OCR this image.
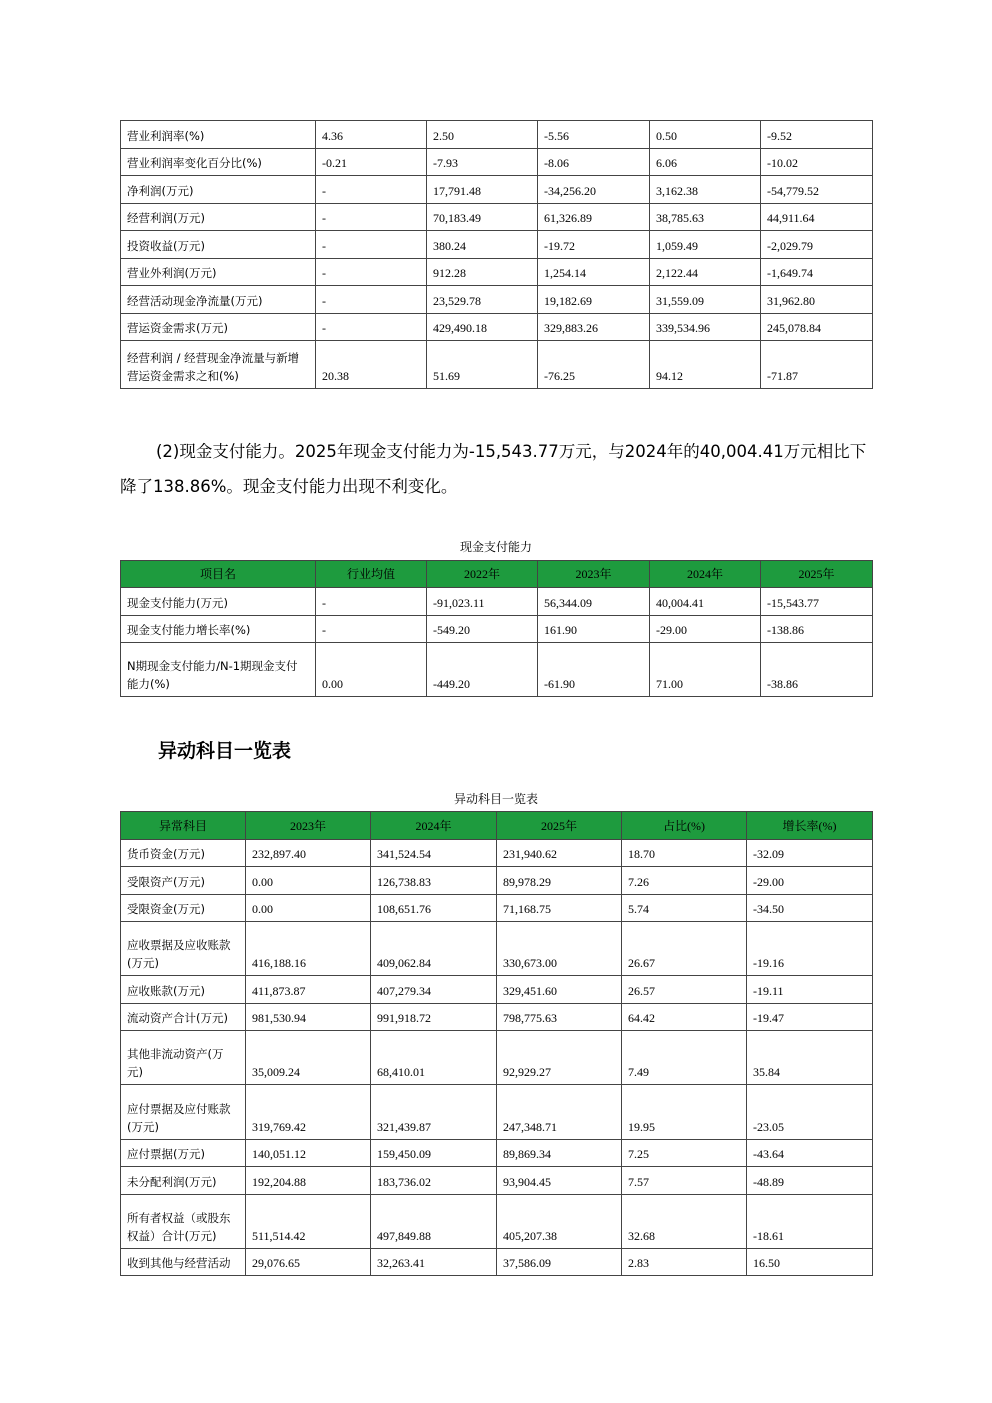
营业利润率(%)	4.36	2.50	-5.56	0.50	-9.52
营业利润率变化百分比(%)	-0.21	-7.93	-8.06	6.06	-10.02
净利润(万元)	-	17,791.48	-34,256.20	3,162.38	-54,779.52
经营利润(万元)	-	70,183.49	61,326.89	38,785.63	44,911.64
投资收益(万元)	-	380.24	-19.72	1,059.49	-2,029.79
营业外利润(万元)	-	912.28	1,254.14	2,122.44	-1,649.74
经营活动现金净流量(万元)	-	23,529.78	19,182.69	31,559.09	31,962.80
营运资金需求(万元)	-	429,490.18	329,883.26	339,534.96	245,078.84
经营利润 / 经营现金净流量与新增营运资金需求之和(%)	20.38	51.69	-76.25	94.12	-71.87
(2)现金支付能力。2025年现金支付能力为-15,543.77万元，与2024年的40,004.41万元相比下降了138.86%。现金支付能力出现不利变化。
现金支付能力
项目名	行业均值	2022年	2023年	2024年	2025年
现金支付能力(万元)	-	-91,023.11	56,344.09	40,004.41	-15,543.77
现金支付能力增长率(%)	-	-549.20	161.90	-29.00	-138.86
N期现金支付能力/N-1期现金支付能力(%)	0.00	-449.20	-61.90	71.00	-38.86
异动科目一览表
异动科目一览表
异常科目	2023年	2024年	2025年	占比(%)	增长率(%)
货币资金(万元)	232,897.40	341,524.54	231,940.62	18.70	-32.09
受限资产(万元)	0.00	126,738.83	89,978.29	7.26	-29.00
受限资金(万元)	0.00	108,651.76	71,168.75	5.74	-34.50
应收票据及应收账款(万元)	416,188.16	409,062.84	330,673.00	26.67	-19.16
应收账款(万元)	411,873.87	407,279.34	329,451.60	26.57	-19.11
流动资产合计(万元)	981,530.94	991,918.72	798,775.63	64.42	-19.47
其他非流动资产(万元)	35,009.24	68,410.01	92,929.27	7.49	35.84
应付票据及应付账款(万元)	319,769.42	321,439.87	247,348.71	19.95	-23.05
应付票据(万元)	140,051.12	159,450.09	89,869.34	7.25	-43.64
未分配利润(万元)	192,204.88	183,736.02	93,904.45	7.57	-48.89
所有者权益（或股东权益）合计(万元)	511,514.42	497,849.88	405,207.38	32.68	-18.61
收到其他与经营活动	29,076.65	32,263.41	37,586.09	2.83	16.50
